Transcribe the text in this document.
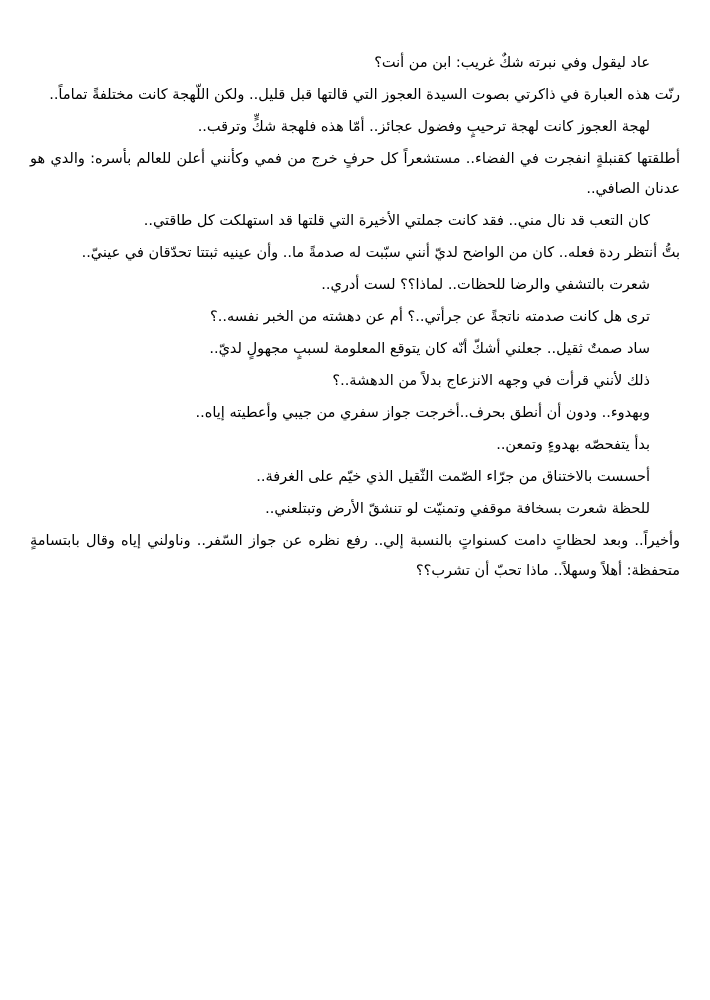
عاد ليقول وفي نبرته شكٌ غريب: ابن من أنت؟

رنّت هذه العبارة في ذاكرتي بصوت السيدة العجوز التي قالتها قبل قليل.. ولكن اللّهجة كانت مختلفةً تماماً..

لهجة العجوز كانت لهجة ترحيبٍ وفضول عجائز.. أمّا هذه فلهجة شكٍّ وترقب..

أطلقتها كقنبلةٍ انفجرت في الفضاء.. مستشعراً كل حرفٍ خرج من فمي وكأنني أعلن للعالم بأسره: والدي هو عدنان الصافي..

كان التعب قد نال مني.. فقد كانت جملتي الأخيرة التي قلتها قد استهلكت كل طاقتي..

بتُّ أنتظر ردة فعله.. كان من الواضح لديّ أنني سبّبت له صدمةً ما.. وأن عينيه ثبتتا تحدّقان في عينيّ..

شعرت بالتشفي والرضا للحظات.. لماذا؟؟ لست أدري..

ترى هل كانت صدمته ناتجةً عن جرأتي..؟ أم عن دهشته من الخبر نفسه..؟

ساد صمتٌ ثقيل.. جعلني أشكّ أنّه كان يتوقع المعلومة لسببٍ مجهولٍ لديّ..

ذلك لأنني قرأت في وجهه الانزعاج بدلاً من الدهشة..؟

وبهدوء.. ودون أن أنطق بحرف..أخرجت جواز سفري من جيبي وأعطيته إياه..

بدأ يتفحصّه بهدوءٍ وتمعن..

أحسست بالاختناق من جرّاء الصّمت الثّقيل الذي خيّم على الغرفة..

للحظة شعرت بسخافة موقفي وتمنيّت لو تنشقّ الأرض وتبتلعني..

وأخيراً.. وبعد لحظاتٍ دامت كسنواتٍ بالنسبة إلي.. رفع نظره عن جواز السّفر.. وناولني إياه وقال بابتسامةٍ متحفظة: أهلاً وسهلاً.. ماذا تحبّ أن تشرب؟؟
